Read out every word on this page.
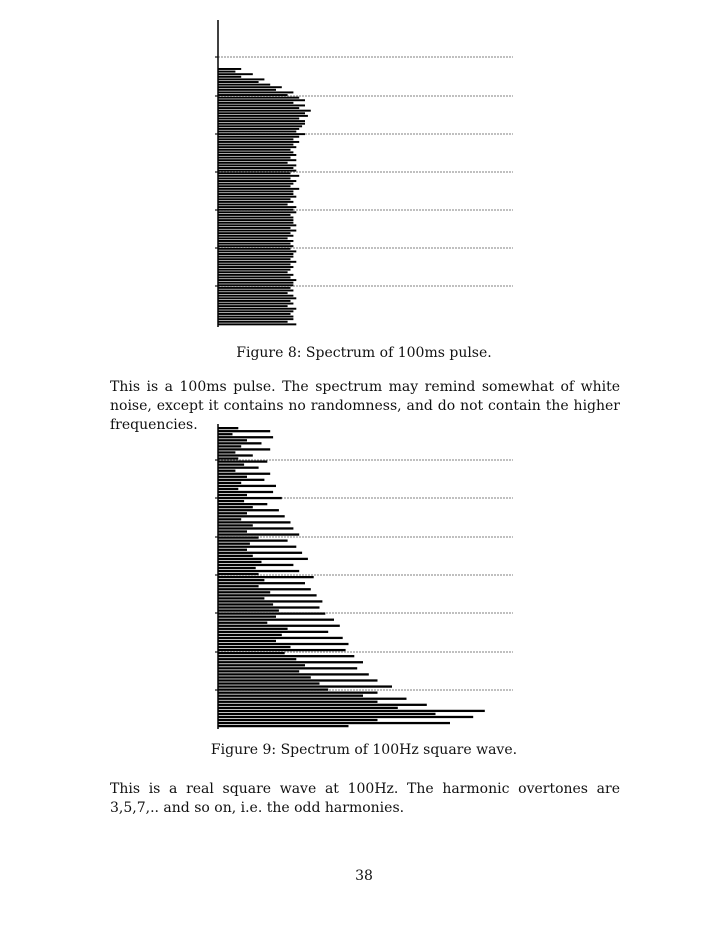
Figure 8: Spectrum of 100ms pulse.
This is a 100ms pulse. The spectrum may remind somewhat of white noise, except it contains no randomness, and do not contain the higher frequencies.
Figure 9: Spectrum of 100Hz square wave.
This is a real square wave at 100Hz. The harmonic overtones are 3,5,7,.. and so on, i.e. the odd harmonies.
38
